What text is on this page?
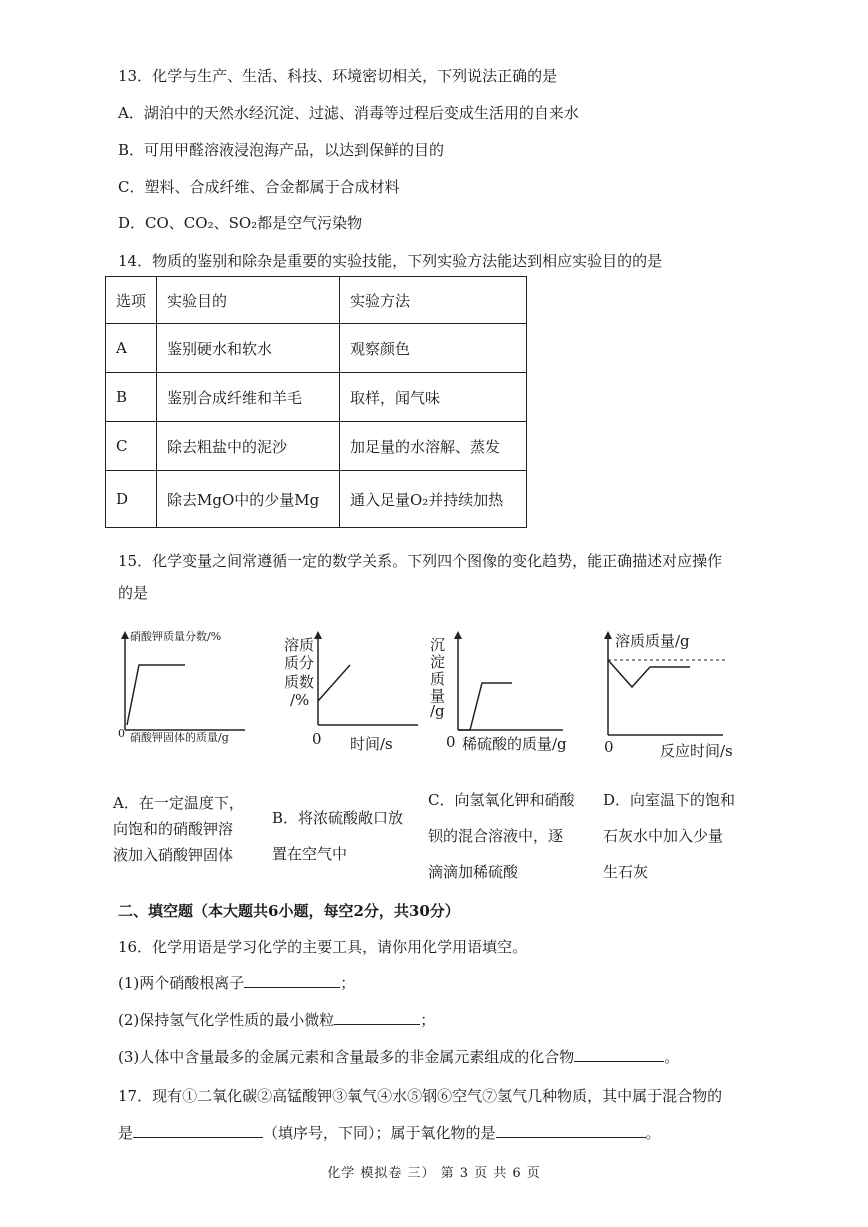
13．化学与生产、生活、科技、环境密切相关，下列说法正确的是
A．湖泊中的天然水经沉淀、过滤、消毒等过程后变成生活用的自来水
B．可用甲醛溶液浸泡海产品，以达到保鲜的目的
C．塑料、合成纤维、合金都属于合成材料
D．CO、CO₂、SO₂都是空气污染物
14．物质的鉴别和除杂是重要的实验技能，下列实验方法能达到相应实验目的的是
选项	实验目的	实验方法
A	鉴别硬水和软水	观察颜色
B	鉴别合成纤维和羊毛	取样，闻气味
C	除去粗盐中的泥沙	加足量的水溶解、蒸发
D	除去MgO中的少量Mg	通入足量O₂并持续加热
15．化学变量之间常遵循一定的数学关系。下列四个图像的变化趋势，能正确描述对应操作
的是
硝酸钾质量分数/%
0 硝酸钾固体的质量/g
溶质
质分
质数
/%
0 时间/s
沉
淀
质
量
/g
0 稀硫酸的质量/g
溶质质量/g
0	反应时间/s
A．在一定温度下，
向饱和的硝酸钾溶
液加入硝酸钾固体
B．将浓硫酸敞口放
置在空气中
C．向氢氧化钾和硝酸
钡的混合溶液中，逐
滴滴加稀硫酸
D．向室温下的饱和
石灰水中加入少量
生石灰
二、填空题（本大题共6小题，每空2分，共30分）
16．化学用语是学习化学的主要工具，请你用化学用语填空。
(1)两个硝酸根离子	；
(2)保持氢气化学性质的最小微粒	；
(3)人体中含量最多的金属元素和含量最多的非金属元素组成的化合物	。
17．现有①二氧化碳②高锰酸钾③氧气④水⑤钢⑥空气⑦氢气几种物质，其中属于混合物的
是	（填序号，下同）；属于氧化物的是	。
化学 模拟卷 三） 第 3 页 共 6 页
